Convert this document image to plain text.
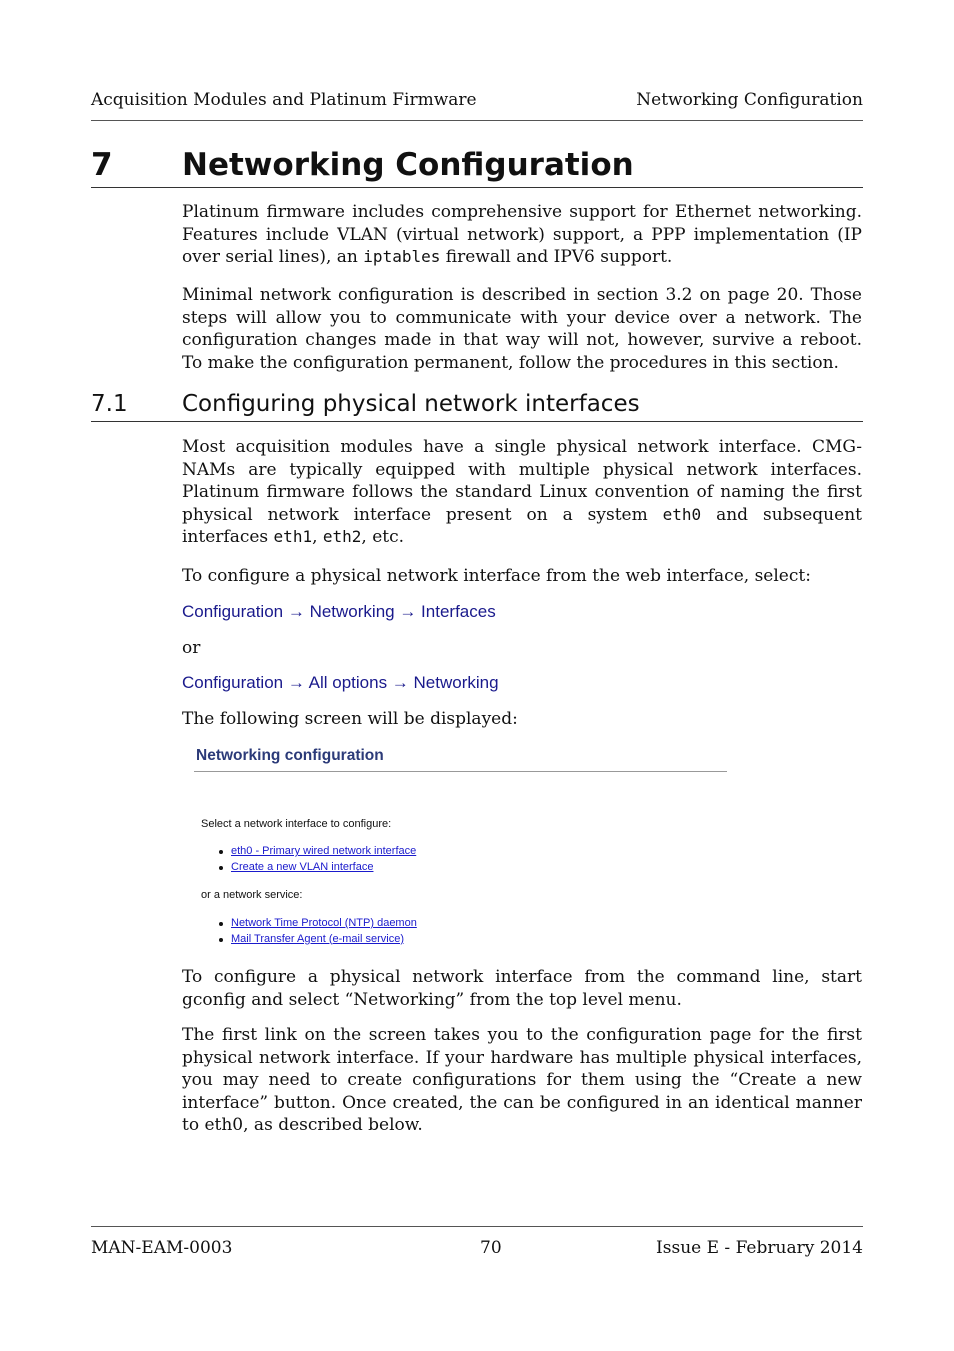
Acquisition Modules and Platinum Firmware	Networking Configuration
7 Networking Configuration

Platinum firmware includes comprehensive support for Ethernet networking. Features include VLAN (virtual network) support, a PPP implementation (IP over serial lines), an iptables firewall and IPV6 support.

Minimal network configuration is described in section 3.2 on page 20. Those steps will allow you to communicate with your device over a network. The configuration changes made in that way will not, however, survive a reboot. To make the configuration permanent, follow the procedures in this section.

7.1 Configuring physical network interfaces

Most acquisition modules have a single physical network interface. CMG-NAMs are typically equipped with multiple physical network interfaces. Platinum firmware follows the standard Linux convention of naming the first physical network interface present on a system eth0 and subsequent interfaces eth1, eth2, etc.

To configure a physical network interface from the web interface, select:

Configuration → Networking → Interfaces

or

Configuration → All options → Networking

The following screen will be displayed:

Networking configuration
Select a network interface to configure:
eth0 - Primary wired network interface
Create a new VLAN interface
or a network service:
Network Time Protocol (NTP) daemon
Mail Transfer Agent (e-mail service)

To configure a physical network interface from the command line, start gconfig and select “Networking” from the top level menu.

The first link on the screen takes you to the configuration page for the first physical network interface. If your hardware has multiple physical interfaces, you may need to create configurations for them using the “Create a new interface” button. Once created, the can be configured in an identical manner to eth0, as described below.

MAN-EAM-0003	70	Issue E - February 2014
